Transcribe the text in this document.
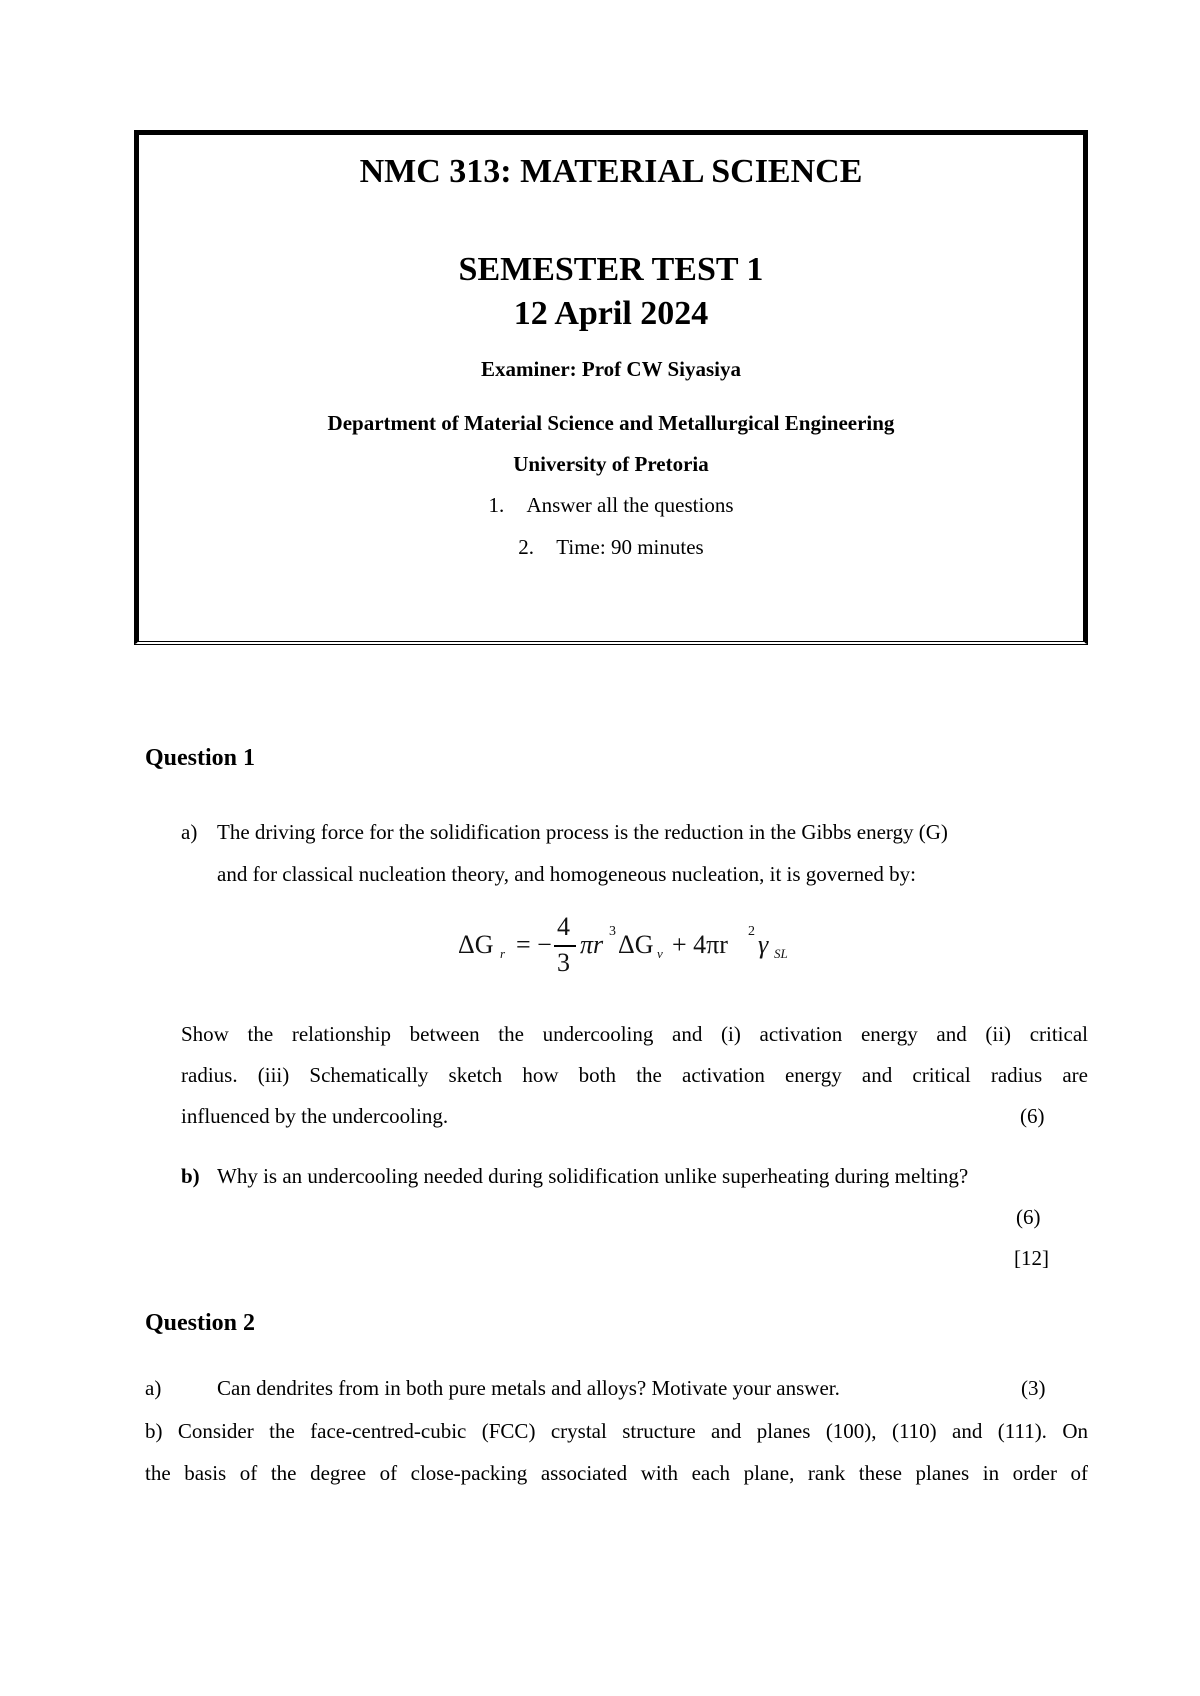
NMC 313: MATERIAL SCIENCE
SEMESTER TEST 1
12 April 2024
Examiner: Prof CW Siyasiya
Department of Material Science and Metallurgical Engineering
University of Pretoria
1. Answer all the questions
2. Time: 90 minutes
Question 1
a) The driving force for the solidification process is the reduction in the Gibbs energy (G)
and for classical nucleation theory, and homogeneous nucleation, it is governed by:
ΔG r = −
4
3
πr 3 ΔG v + 4πr 2 γ SL
Show the relationship between the undercooling and (i) activation energy and (ii) critical
radius. (iii) Schematically sketch how both the activation energy and critical radius are
influenced by the undercooling.	(6)
b) Why is an undercooling needed during solidification unlike superheating during melting?
(6)
[12]
Question 2
a)	Can dendrites from in both pure metals and alloys? Motivate your answer.	(3)
b) Consider the face-centred-cubic (FCC) crystal structure and planes (100), (110) and (111). On
the basis of the degree of close-packing associated with each plane, rank these planes in order of
